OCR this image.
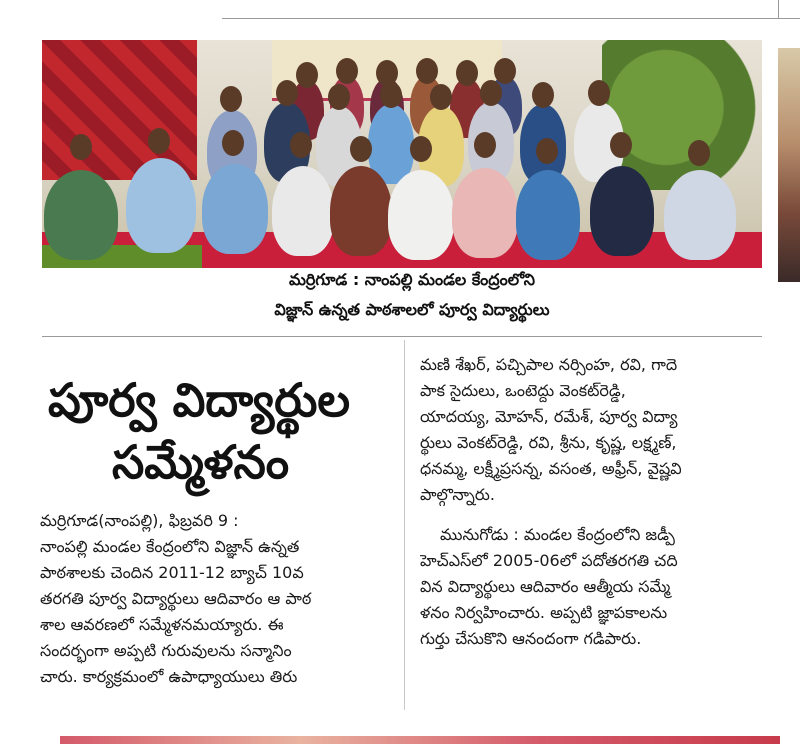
మర్రిగూడ : నాంపల్లి మండల కేంద్రంలోని
విజ్ఞాన్ ఉన్నత పాఠశాలలో పూర్వ విద్యార్థులు
పూర్వ విద్యార్థుల
సమ్మేళనం
మర్రిగూడ(నాంపల్లి), ఫిబ్రవరి 9 :
నాంపల్లి మండల కేంద్రంలోని విజ్ఞాన్ ఉన్నత
పాఠశాలకు చెందిన 2011-12 బ్యాచ్ 10వ
తరగతి పూర్వ విద్యార్థులు ఆదివారం ఆ పాఠ
శాల ఆవరణలో సమ్మేళనమయ్యారు. ఈ
సందర్భంగా అప్పటి గురువులను సన్మానిం
చారు. కార్యక్రమంలో ఉపాధ్యాయులు తిరు
మణి శేఖర్, పచ్చిపాల నర్సింహ, రవి, గాదె
పాక సైదులు, ఒంటెద్దు వెంకట్‌రెడ్డి,
యాదయ్య, మోహన్, రమేశ్, పూర్వ విద్యా
ర్థులు వెంకట్‌రెడ్డి, రవి, శ్రీను, కృష్ణ, లక్ష్మణ్,
ధనమ్మ, లక్ష్మీప్రసన్న, వసంత, అఫ్రీన్, వైష్ణవి
పాల్గొన్నారు.
మునుగోడు : మండల కేంద్రంలోని జడ్పీ
హెచ్ఎస్‌లో 2005-06లో పదోతరగతి చది
విన విద్యార్థులు ఆదివారం ఆత్మీయ సమ్మే
ళనం నిర్వహించారు. అప్పటి జ్ఞాపకాలను
గుర్తు చేసుకొని ఆనందంగా గడిపారు.
